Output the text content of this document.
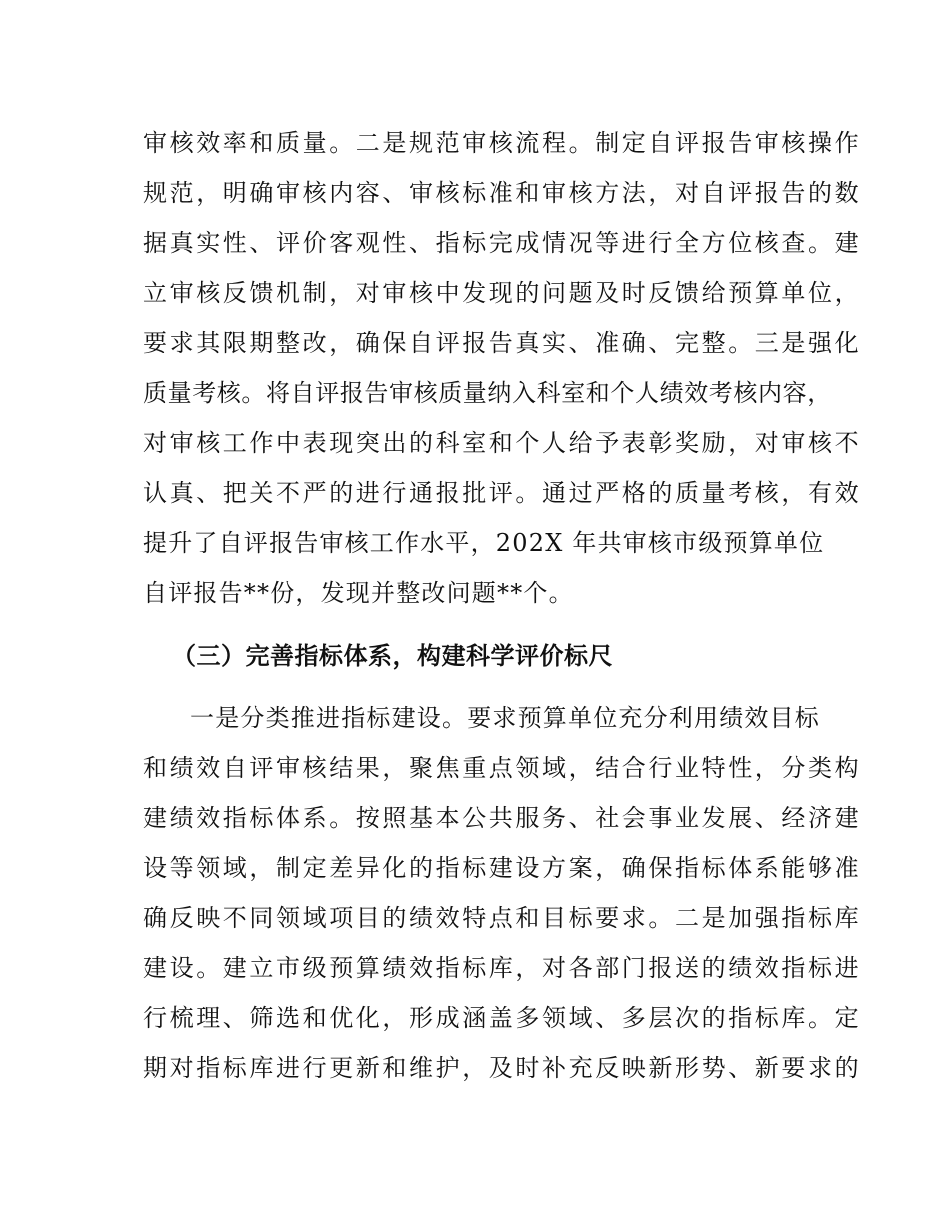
审核效率和质量。二是规范审核流程。制定自评报告审核操作
规范，明确审核内容、审核标准和审核方法，对自评报告的数
据真实性、评价客观性、指标完成情况等进行全方位核查。建
立审核反馈机制，对审核中发现的问题及时反馈给预算单位，
要求其限期整改，确保自评报告真实、准确、完整。三是强化
质量考核。将自评报告审核质量纳入科室和个人绩效考核内容，
对审核工作中表现突出的科室和个人给予表彰奖励，对审核不
认真、把关不严的进行通报批评。通过严格的质量考核，有效
提升了自评报告审核工作水平，202X 年共审核市级预算单位
自评报告**份，发现并整改问题**个。
（三）完善指标体系，构建科学评价标尺
一是分类推进指标建设。要求预算单位充分利用绩效目标
和绩效自评审核结果，聚焦重点领域，结合行业特性，分类构
建绩效指标体系。按照基本公共服务、社会事业发展、经济建
设等领域，制定差异化的指标建设方案，确保指标体系能够准
确反映不同领域项目的绩效特点和目标要求。二是加强指标库
建设。建立市级预算绩效指标库，对各部门报送的绩效指标进
行梳理、筛选和优化，形成涵盖多领域、多层次的指标库。定
期对指标库进行更新和维护，及时补充反映新形势、新要求的
